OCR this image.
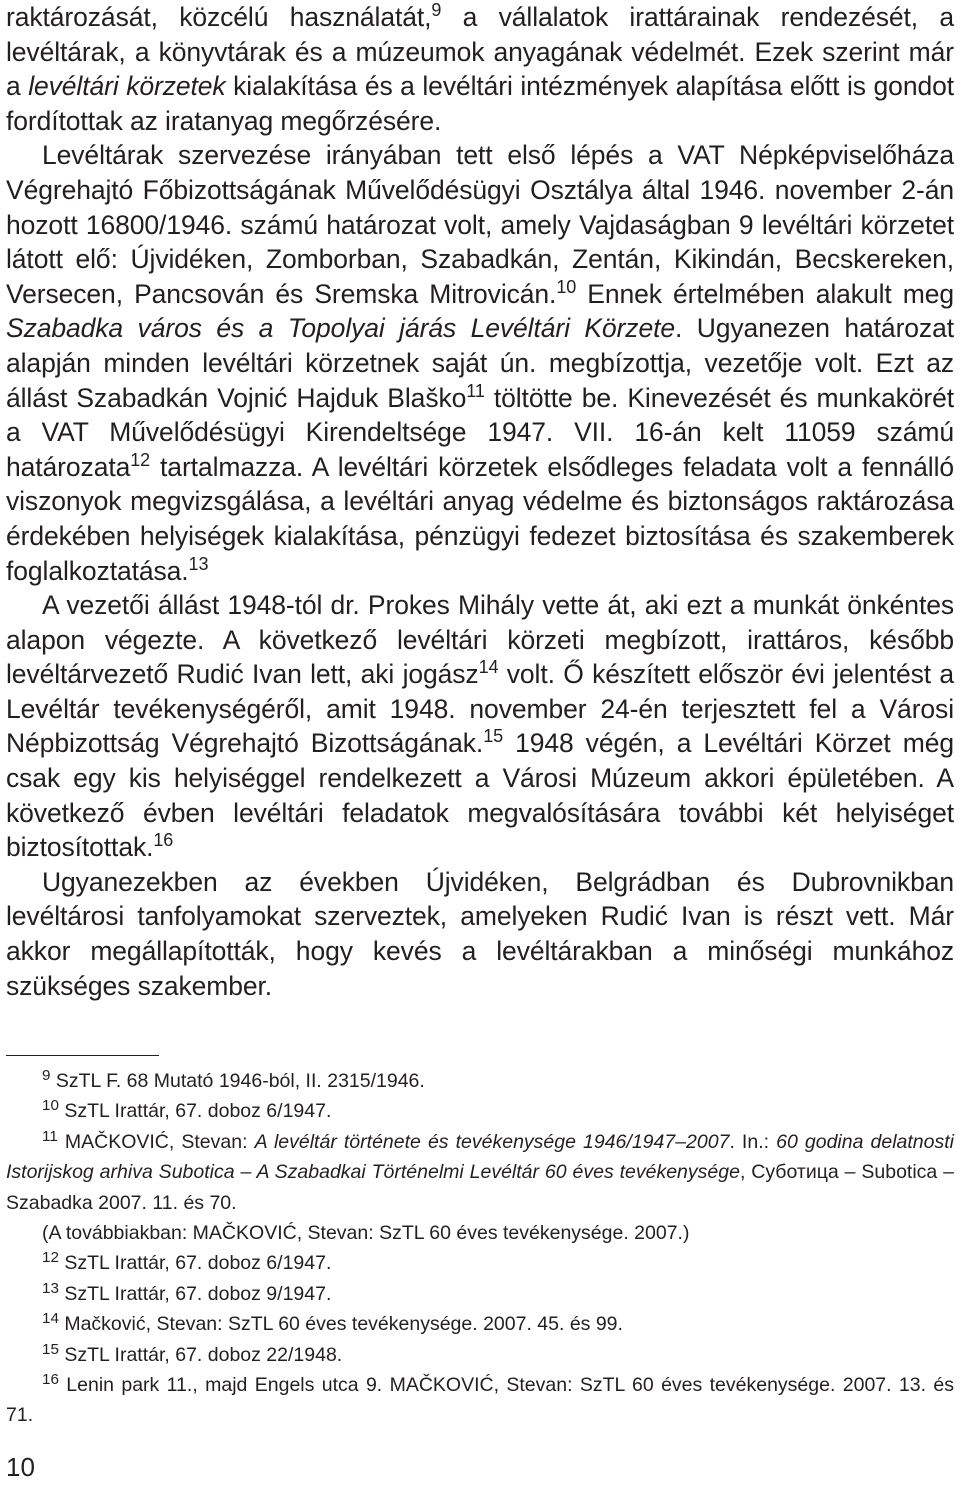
raktározását, közcélú használatát,$^9$ a vállalatok irattárainak rendezését, a levéltárak, a könyvtárak és a múzeumok anyagának védelmét. Ezek szerint már a levéltári körzetek kialakítása és a levéltári intézmények alapítása előtt is gondot fordítottak az iratanyag megőrzésére.

Levéltárak szervezése irányában tett első lépés a VAT Népképviselőháza Végrehajtó Főbizottságának Művelődésügyi Osztálya által 1946. november 2-án hozott 16800/1946. számú határozat volt, amely Vajdaságban 9 levéltári körzetet látott elő: Újvidéken, Zomborban, Szabadkán, Zentán, Kikindán, Becskereken, Versecen, Pancsován és Sremska Mitrovicán.$^{10}$ Ennek értelmében alakult meg Szabadka város és a Topolyai járás Levéltári Körzete. Ugyanezen határozat alapján minden levéltári körzetnek saját ún. megbízottja, vezetője volt. Ezt az állást Szabadkán Vojnić Hajduk Blaško$^{11}$ töltötte be. Kinevezését és munkakörét a VAT Művelődésügyi Kirendeltsége 1947. VII. 16-án kelt 11059 számú határozata$^{12}$ tartalmazza. A levéltári körzetek elsődleges feladata volt a fennálló viszonyok megvizsgálása, a levéltári anyag védelme és biztonságos raktározása érdekében helyiségek kialakítása, pénzügyi fedezet biztosítása és szakemberek foglalkoztatása.$^{13}$

A vezetői állást 1948-tól dr. Prokes Mihály vette át, aki ezt a munkát önkéntes alapon végezte. A következő levéltári körzeti megbízott, irattáros, később levéltárvezető Rudić Ivan lett, aki jogász$^{14}$ volt. Ő készített először évi jelentést a Levéltár tevékenységéről, amit 1948. november 24-én terjesztett fel a Városi Népbizottság Végrehajtó Bizottságának.$^{15}$ 1948 végén, a Levéltári Körzet még csak egy kis helyiséggel rendelkezett a Városi Múzeum akkori épületében. A következő évben levéltári feladatok megvalósítására további két helyiséget biztosítottak.$^{16}$

Ugyanezekben az években Újvidéken, Belgrádban és Dubrovnikban levéltárosi tanfolyamokat szerveztek, amelyeken Rudić Ivan is részt vett. Már akkor megállapították, hogy kevés a levéltárakban a minőségi munkához szükséges szakember.

$^9$ SzTL F. 68 Mutató 1946-ból, II. 2315/1946.

$^{10}$ SzTL Irattár, 67. doboz 6/1947.

$^{11}$ MAČKOVIĆ, Stevan: A levéltár története és tevékenysége 1946/1947–2007. In.: 60 godina delatnosti Istorijskog arhiva Subotica – A Szabadkai Történelmi Levéltár 60 éves tevékenysége, Суботица – Subotica – Szabadka 2007. 11. és 70.

(A továbbiakban: MAČKOVIĆ, Stevan: SzTL 60 éves tevékenysége. 2007.)

$^{12}$ SzTL Irattár, 67. doboz 6/1947.

$^{13}$ SzTL Irattár, 67. doboz 9/1947.

$^{14}$ Mačković, Stevan: SzTL 60 éves tevékenysége. 2007. 45. és 99.

$^{15}$ SzTL Irattár, 67. doboz 22/1948.

$^{16}$ Lenin park 11., majd Engels utca 9. MAČKOVIĆ, Stevan: SzTL 60 éves tevékenysége. 2007. 13. és 71.

10
